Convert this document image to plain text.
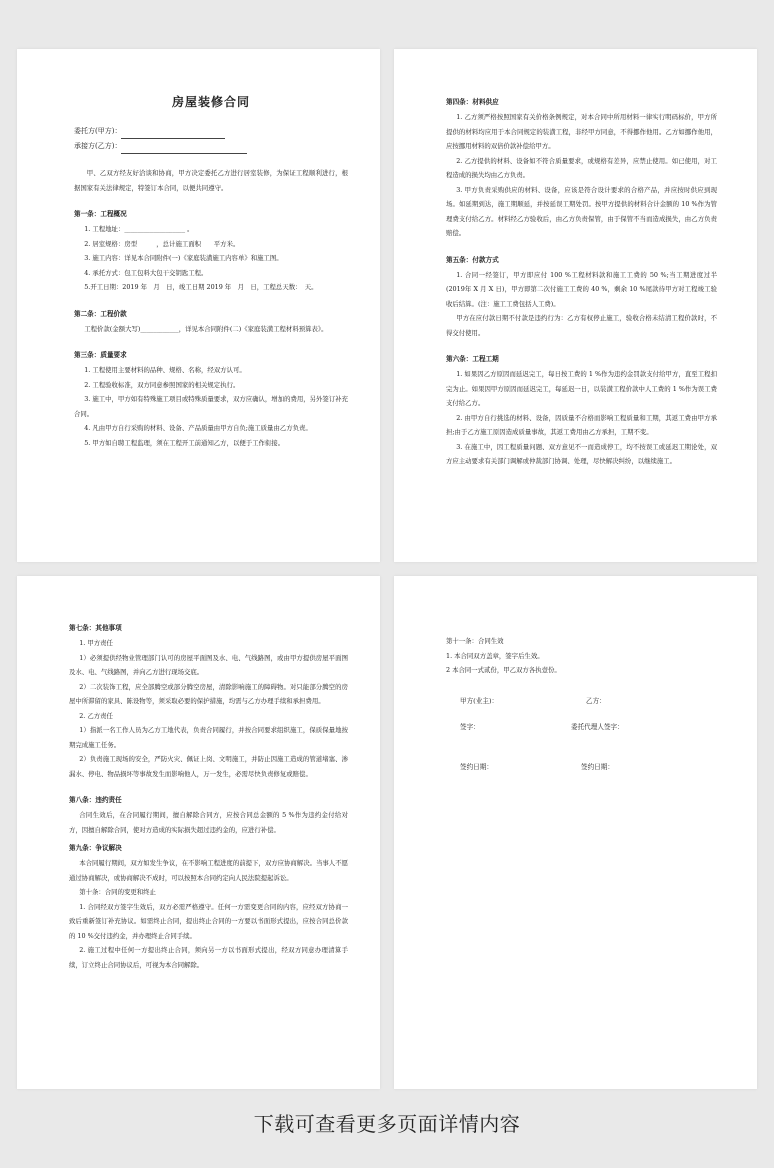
房屋装修合同
委托方(甲方)：
承接方(乙方)：

甲、乙双方经友好洽谈和协商，甲方决定委托乙方进行居室装修，为保证工程顺利进行，根据国家有关法律规定，特签订本合同，以便共同遵守。

第一条：工程概况

1. 工程地址：___________________ 。

2. 居室规格：房型　　　，总计施工面积　　平方米。

3. 施工内容：详见本合同附件(一)《家庭装潢施工内容单》和施工图。

4. 承托方式：包工包料大包干交钥匙工程。

5.开工日期：2019 年　月　日，竣工日期 2019 年　月　日，工程总天数：　天。

第二条：工程价款

工程价款(金额大写)____________，详见本合同附件(二)《家庭装潢工程材料预算表》。

第三条：质量要求

1. 工程使用主要材料的品种、规格、名称，经双方认可。

2. 工程验收标准，双方同意参照国家的相关规定执行。

3. 施工中，甲方如有特殊施工项目或特殊质量要求，双方应确认，增加的费用，另外签订补充合同。

4. 凡由甲方自行采购的材料、设备、产品质量由甲方自负;施工质量由乙方负责。

5. 甲方如自聘工程监理，须在工程开工前通知乙方，以便于工作衔接。

第四条：材料供应

1. 乙方须严格按照国家有关价格条例规定，对本合同中所用材料一律实行明码标价，甲方所提供的材料均应用于本合同规定的装潢工程，非经甲方同意，不得挪作他用。乙方如挪作他用，应按挪用材料的双倍价款补偿给甲方。

2. 乙方提供的材料、设备如不符合质量要求，或规格有差异，应禁止使用。如已使用，对工程造成的损失均由乙方负责。

3. 甲方负责采购供应的材料、设备，应该是符合设计要求的合格产品，并应按时供应到现场。如延期到达，施工期顺延，并按延误工期处罚。按甲方提供的材料合计金额的 10 %作为管理费支付给乙方。材料经乙方验收后，由乙方负责保管，由于保管不当而造成损失，由乙方负责赔偿。

第五条：付款方式

1. 合同一经签订，甲方即应付 100 %工程材料款和施工工费的 50 %;当工期进度过半(2019年 X 月 X 日)，甲方即第二次付施工工费的 40 %，剩余 10 %尾款待甲方对工程竣工验收后结算。(注：施工工费包括人工费)。

甲方在应付款日期不付款是违约行为：乙方有权停止施工，验收合格未结清工程价款时，不得交付使用。

第六条：工程工期

1. 如果因乙方原因而延迟完工，每日按工费的 1 %作为违约金罚款支付给甲方，直至工程扣完为止。如果因甲方原因而延迟完工，每延迟一日，以装潢工程价款中人工费的 1 %作为误工费支付给乙方。

2. 由甲方自行挑选的材料、设备，因质量不合格而影响工程质量和工期，其返工费由甲方承担;由于乙方施工原因造成质量事故，其返工费用由乙方承担，工期不变。

3. 在施工中，因工程质量问题、双方意见不一而造成停工，均不按误工或延迟工期论处，双方应主动要求有关部门调解或仲裁部门协调、处理，尽快解决纠纷，以继续施工。

第七条：其他事项

1. 甲方责任

1）必须提供经物业管理部门认可的房屋平面图及水、电、气线路图，或由甲方提供房屋平面图及水、电、气线路图，并向乙方进行现场交底。

2）二次装饰工程，应全部腾空或部分腾空房屋，清除影响施工的障碍物。对只能部分腾空的房屋中所滞留的家具、陈设物等，须采取必要的保护措施，均需与乙方办理手续和承担费用。

2. 乙方责任

1）指派一名工作人员为乙方工地代表，负责合同履行，并按合同要求组织施工，保质保量地按期完成施工任务。

2）负责施工现场的安全，严防火灾、佩证上岗、文明施工，并防止因施工造成的管道堵塞、渗漏水、停电、物品损坏等事故发生而影响他人，万一发生，必需尽快负责修复或赔偿。

第八条：违约责任

合同生效后，在合同履行期间，擅自解除合同方，应按合同总金额的 5 %作为违约金付给对方，因擅自解除合同，使对方造成的实际损失超过违约金的，应进行补偿。

第九条：争议解决

本合同履行期间，双方如发生争议，在不影响工程进度的前提下，双方应协商解决。当事人不愿通过协商解决，或协商解决不成时，可以按照本合同约定向人民法院提起诉讼。

第十条：合同的变更和终止

1. 合同经双方签字生效后，双方必需严格遵守。任何一方需变更合同的内容，应经双方协商一致后重新签订补充协议。如需终止合同，提出终止合同的一方要以书面形式提出，应按合同总价款的 10 %交付违约金，并办理终止合同手续。

2. 施工过程中任何一方提出终止合同，须向另一方以书面形式提出，经双方同意办理清算手续，订立终止合同协议后，可视为本合同解除。

第十一条：合同生效

1. 本合同双方盖章，签字后生效。

2 本合同一式贰份，甲乙双方各执壹份。

甲方(业主)：	乙方：
签字：	委托代理人签字：
签约日期：	签约日期：
下载可查看更多页面详情内容
